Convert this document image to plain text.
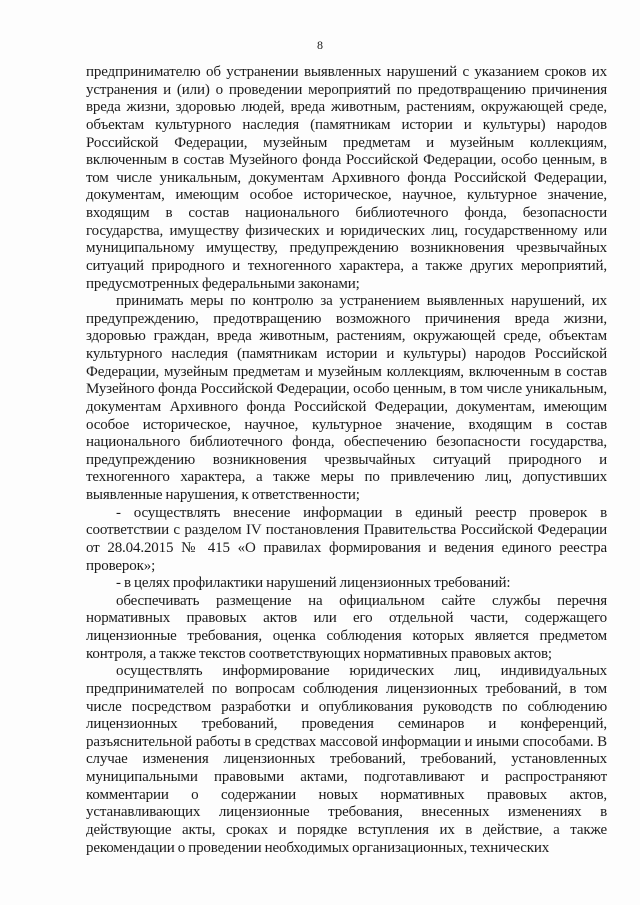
8

предпринимателю об устранении выявленных нарушений с указанием сроков их устранения и (или) о проведении мероприятий по предотвращению причинения вреда жизни, здоровью людей, вреда животным, растениям, окружающей среде, объектам культурного наследия (памятникам истории и культуры) народов Российской Федерации, музейным предметам и музейным коллекциям, включенным в состав Музейного фонда Российской Федерации, особо ценным, в том числе уникальным, документам Архивного фонда Российской Федерации, документам, имеющим особое историческое, научное, культурное значение, входящим в состав национального библиотечного фонда, безопасности государства, имуществу физических и юридических лиц, государственному или муниципальному имуществу, предупреждению возникновения чрезвычайных ситуаций природного и техногенного характера, а также других мероприятий, предусмотренных федеральными законами;

принимать меры по контролю за устранением выявленных нарушений, их предупреждению, предотвращению возможного причинения вреда жизни, здоровью граждан, вреда животным, растениям, окружающей среде, объектам культурного наследия (памятникам истории и культуры) народов Российской Федерации, музейным предметам и музейным коллекциям, включенным в состав Музейного фонда Российской Федерации, особо ценным, в том числе уникальным, документам Архивного фонда Российской Федерации, документам, имеющим особое историческое, научное, культурное значение, входящим в состав национального библиотечного фонда, обеспечению безопасности государства, предупреждению возникновения чрезвычайных ситуаций природного и техногенного характера, а также меры по привлечению лиц, допустивших выявленные нарушения, к ответственности;

- осуществлять внесение информации в единый реестр проверок в соответствии с разделом IV постановления Правительства Российской Федерации от 28.04.2015 № 415 «О правилах формирования и ведения единого реестра проверок»;

- в целях профилактики нарушений лицензионных требований:

обеспечивать размещение на официальном сайте службы перечня нормативных правовых актов или его отдельной части, содержащего лицензионные требования, оценка соблюдения которых является предметом контроля, а также текстов соответствующих нормативных правовых актов;

осуществлять информирование юридических лиц, индивидуальных предпринимателей по вопросам соблюдения лицензионных требований, в том числе посредством разработки и опубликования руководств по соблюдению лицензионных требований, проведения семинаров и конференций, разъяснительной работы в средствах массовой информации и иными способами. В случае изменения лицензионных требований, требований, установленных муниципальными правовыми актами, подготавливают и распространяют комментарии о содержании новых нормативных правовых актов, устанавливающих лицензионные требования, внесенных изменениях в действующие акты, сроках и порядке вступления их в действие, а также рекомендации о проведении необходимых организационных, технических
